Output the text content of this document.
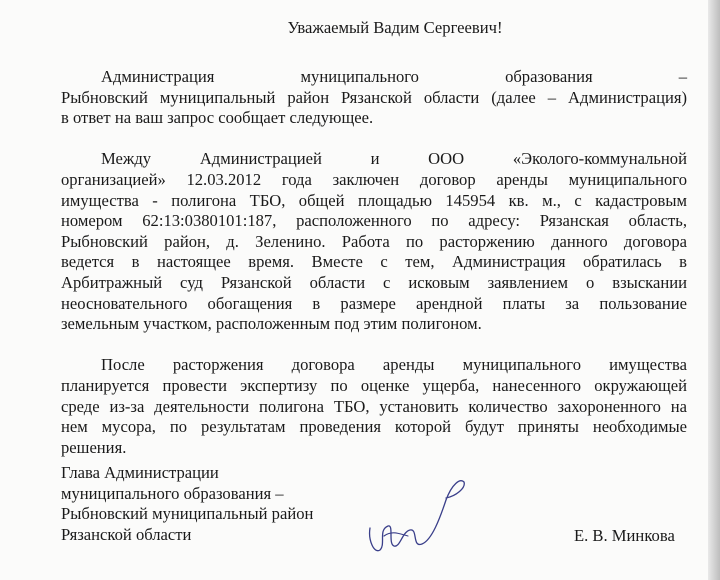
Уважаемый Вадим Сергеевич!

Администрация муниципального образования –
Рыбновский муниципальный район Рязанской области (далее – Администрация)
в ответ на ваш запрос сообщает следующее.

Между Администрацией и ООО «Эколого-коммунальной
организацией» 12.03.2012 года заключен договор аренды муниципального
имущества - полигона ТБО, общей площадью 145954 кв. м., с кадастровым
номером 62:13:0380101:187, расположенного по адресу: Рязанская область,
Рыбновский район, д. Зеленино. Работа по расторжению данного договора
ведется в настоящее время. Вместе с тем, Администрация обратилась в
Арбитражный суд Рязанской области с исковым заявлением о взыскании
неосновательного обогащения в размере арендной платы за пользование
земельным участком, расположенным под этим полигоном.

После расторжения договора аренды муниципального имущества
планируется провести экспертизу по оценке ущерба, нанесенного окружающей
среде из-за деятельности полигона ТБО, установить количество захороненного на
нем мусора, по результатам проведения которой будут приняты необходимые
решения.

Глава Администрации
муниципального образования –
Рыбновский муниципальный район
Рязанской области	Е. В. Минкова
